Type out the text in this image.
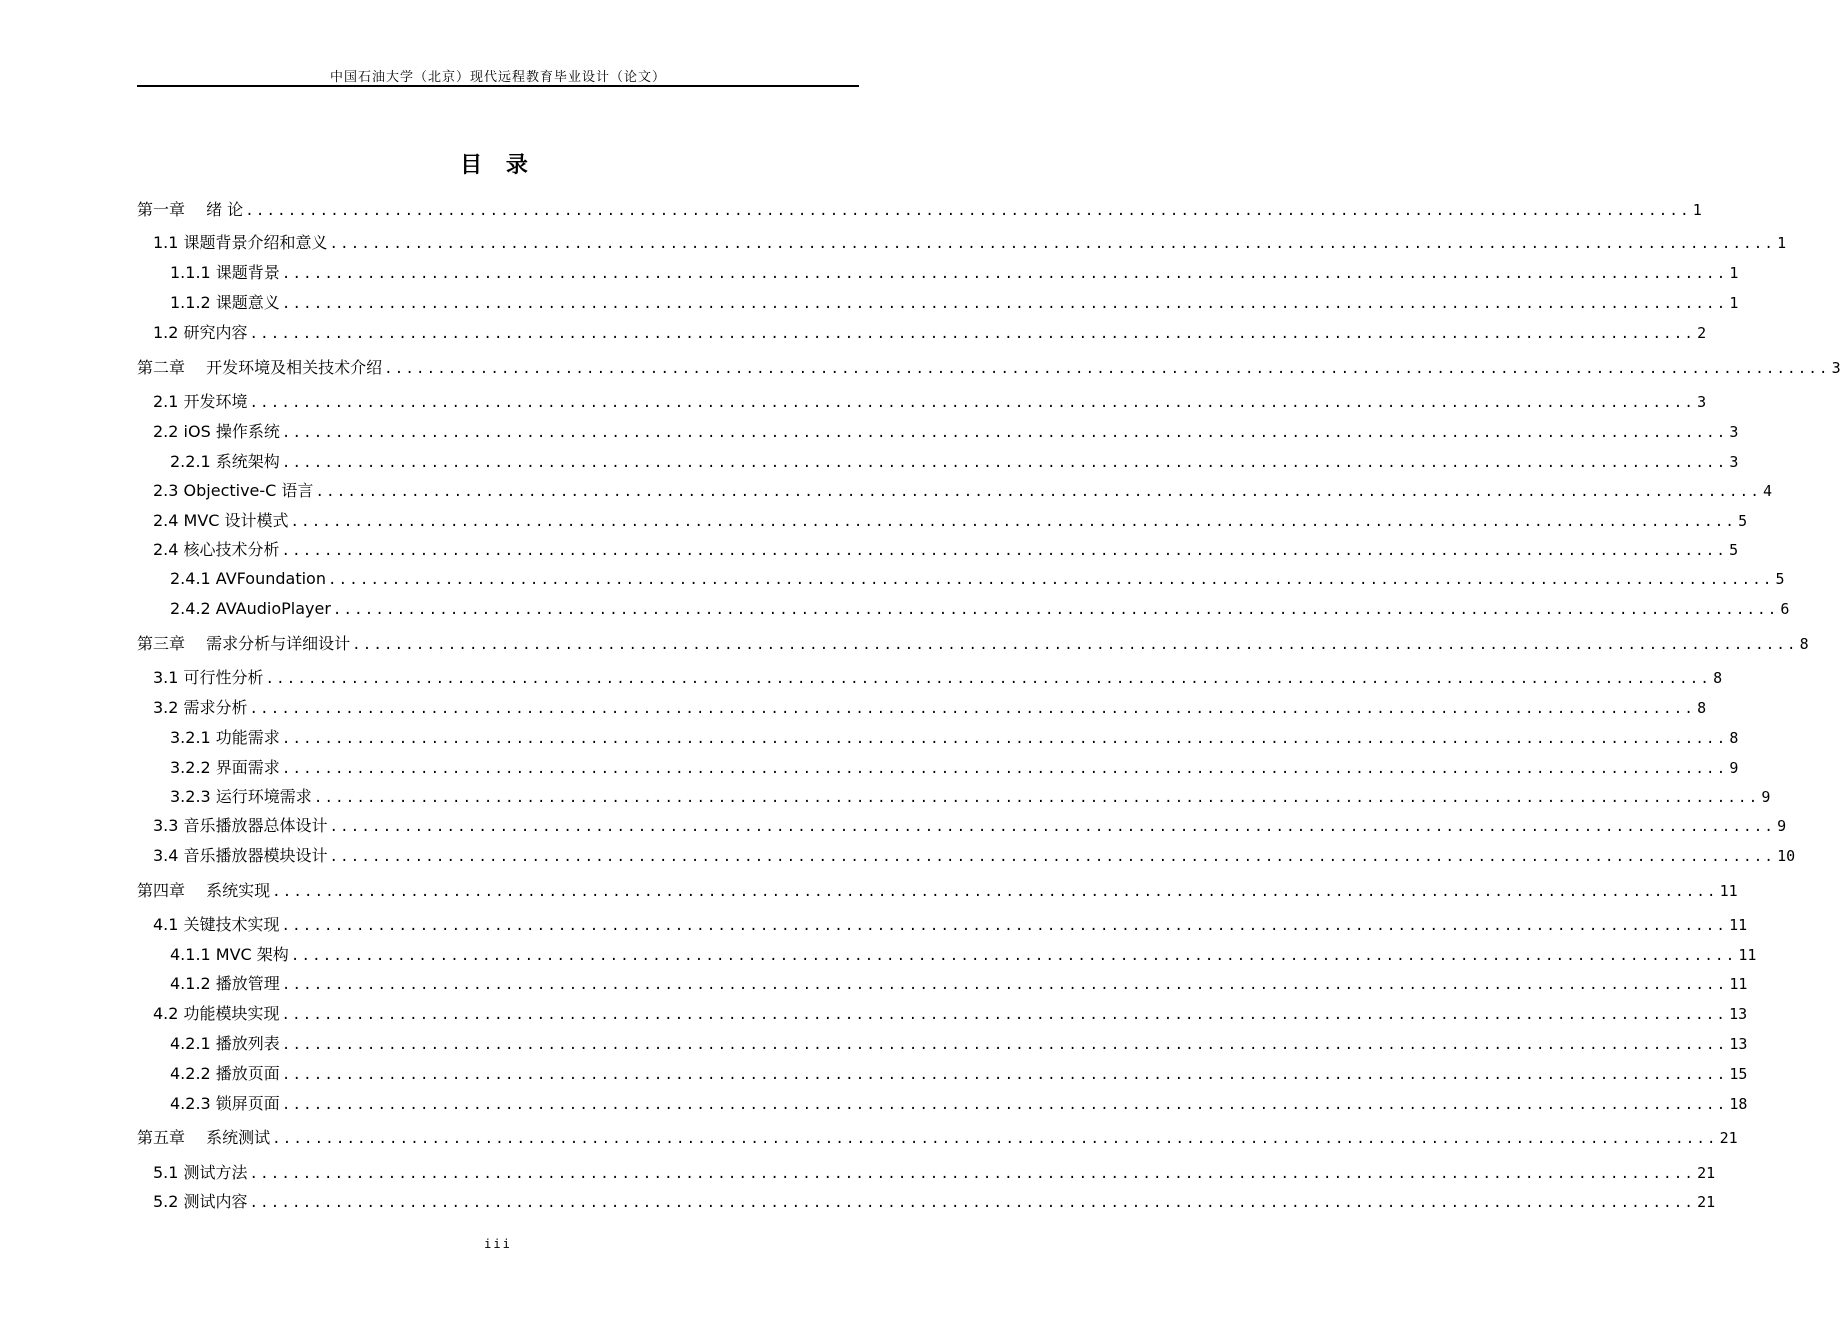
中国石油大学（北京）现代远程教育毕业设计（论文）
目 录
第一章　 绪 论 ........................................................................................................................................ 1
1.1 课题背景介绍和意义 ........................................................................................................................................ 1
1.1.1 课题背景 ........................................................................................................................................ 1
1.1.2 课题意义 ........................................................................................................................................ 1
1.2 研究内容 ........................................................................................................................................ 2
第二章　 开发环境及相关技术介绍 ........................................................................................................................................ 3
2.1 开发环境 ........................................................................................................................................ 3
2.2 iOS 操作系统 ........................................................................................................................................ 3
2.2.1 系统架构 ........................................................................................................................................ 3
2.3 Objective-C 语言 ........................................................................................................................................ 4
2.4 MVC 设计模式 ........................................................................................................................................ 5
2.4 核心技术分析 ........................................................................................................................................ 5
2.4.1 AVFoundation ........................................................................................................................................ 5
2.4.2 AVAudioPlayer ........................................................................................................................................ 6
第三章　 需求分析与详细设计 ........................................................................................................................................ 8
3.1 可行性分析 ........................................................................................................................................ 8
3.2 需求分析 ........................................................................................................................................ 8
3.2.1 功能需求 ........................................................................................................................................ 8
3.2.2 界面需求 ........................................................................................................................................ 9
3.2.3 运行环境需求 ........................................................................................................................................ 9
3.3 音乐播放器总体设计 ........................................................................................................................................ 9
3.4 音乐播放器模块设计 ........................................................................................................................................ 10
第四章　 系统实现 ........................................................................................................................................ 11
4.1 关键技术实现 ........................................................................................................................................ 11
4.1.1 MVC 架构 ........................................................................................................................................ 11
4.1.2 播放管理 ........................................................................................................................................ 11
4.2 功能模块实现 ........................................................................................................................................ 13
4.2.1 播放列表 ........................................................................................................................................ 13
4.2.2 播放页面 ........................................................................................................................................ 15
4.2.3 锁屏页面 ........................................................................................................................................ 18
第五章　 系统测试 ........................................................................................................................................ 21
5.1 测试方法 ........................................................................................................................................ 21
5.2 测试内容 ........................................................................................................................................ 21
iii
